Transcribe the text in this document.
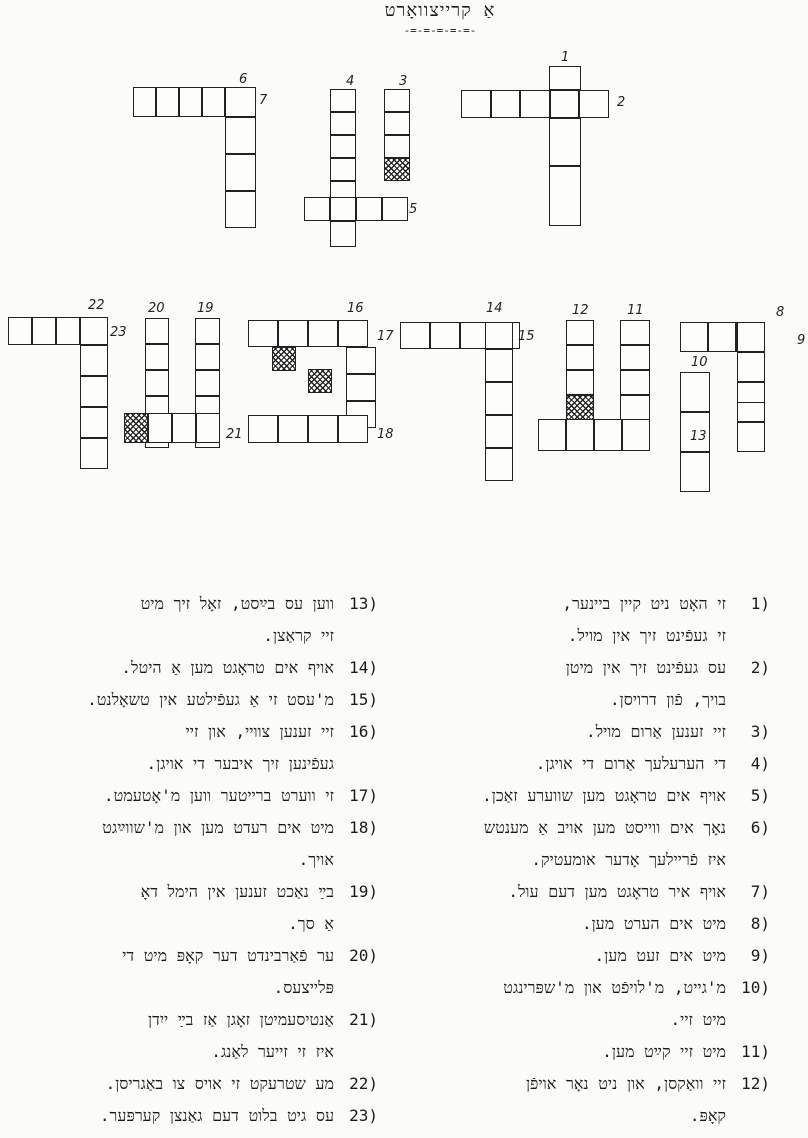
אַ קרייצוואָרט
-=-=-=-=-=-
1
2
3
4
5
6
7
8
9
10
11
12
13
14
15
16
17
18
19
20
21
22
23
1)
זי האָט ניט קיין ביינער,
זי געפֿינט זיך אין מויל.
2)
עס געפֿינט זיך אין מיטן
בויך, פֿון דרויסן.
3)
זיי זענען אַרום מויל.
4)
די הערעלעך אַרום די אויגן.
5)
אויף אים טראָגט מען שווערע זאַכן.
6)
נאָך אים ווייסט מען אויב אַ מענטש
איז פֿריילעך אָדער אומעטיק.
7)
אויף איר טראָגט מען דעם עול.
8)
מיט אים הערט מען.
9)
מיט אים זעט מען.
10)
מ'גייט, מ'לויפֿט און מ'שפּרינגט
מיט זיי.
11)
מיט זיי קײַט מען.
12)
זיי וואַקסן, און ניט נאָר אויפֿן
קאָפּ.
13)
ווען עס בײַסט, זאָל זיך מיט
זיי קראַצן.
14)
אויף אים טראָגט מען אַ היטל.
15)
מ'עסט זי אַ געפֿילטע אין טשאָלנט.
16)
זיי זענען צוויי, און זיי
געפֿינען זיך איבער די אויגן.
17)
זי ווערט ברייטער ווען מ'אָטעמט.
18)
מיט אים רעדט מען און מ'שווײַגט
אויך.
19)
בײַ נאַכט זענען אין הימל דאָ
אַ סך.
20)
ער פֿאַרבינדט דער קאָפּ מיט די
פּלייצעס.
21)
אַנטיסעמיטן זאָגן אַז בײַ ייִדן
איז זי זייער לאַנג.
22)
מע שטרעקט זי אויס צו באַגריסן.
23)
עס גיט בלוט דעם גאַנצן קערפּער.
